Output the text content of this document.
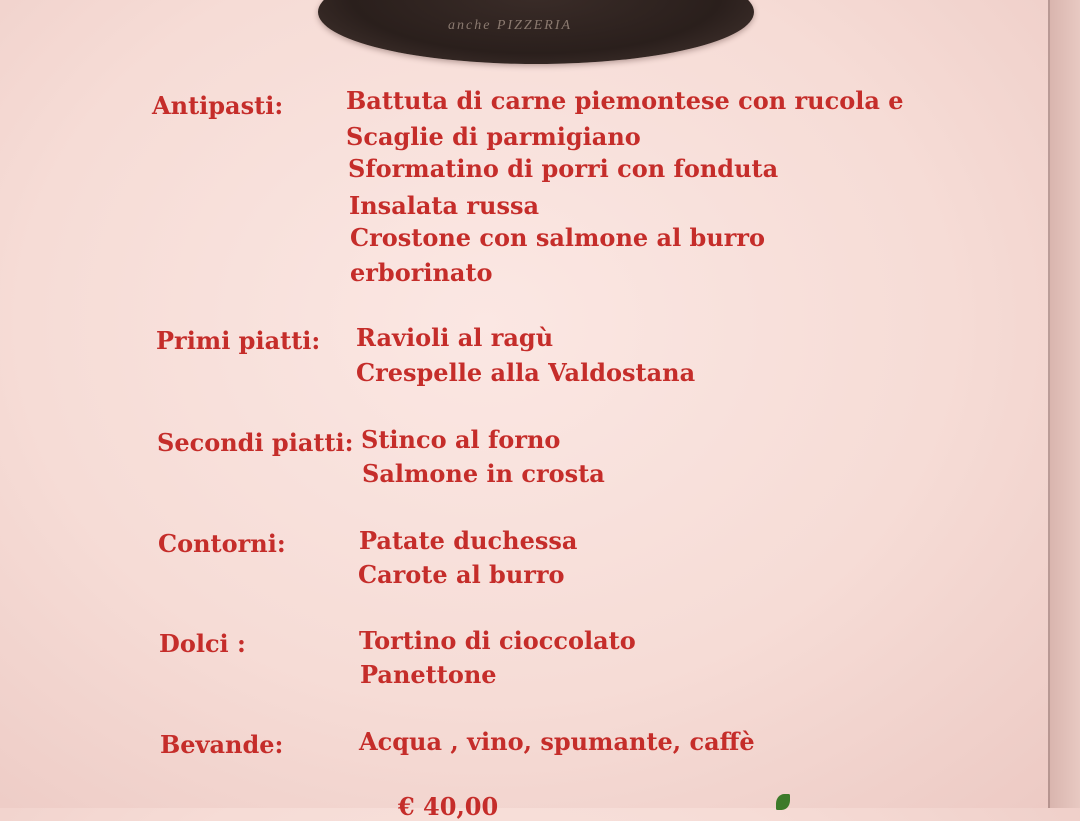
anche PIZZERIA
Antipasti:	Battuta di carne piemontese con rucola e
Scaglie di parmigiano
Sformatino di porri con fonduta
Insalata russa
Crostone con salmone al burro
erborinato
Primi piatti: Ravioli al ragù
Crespelle alla Valdostana
Secondi piatti: Stinco al forno
Salmone in crosta
Contorni:	Patate duchessa
Carote al burro
Dolci :	Tortino di cioccolato
Panettone
Bevande:	Acqua , vino, spumante, caffè
€ 40,00
